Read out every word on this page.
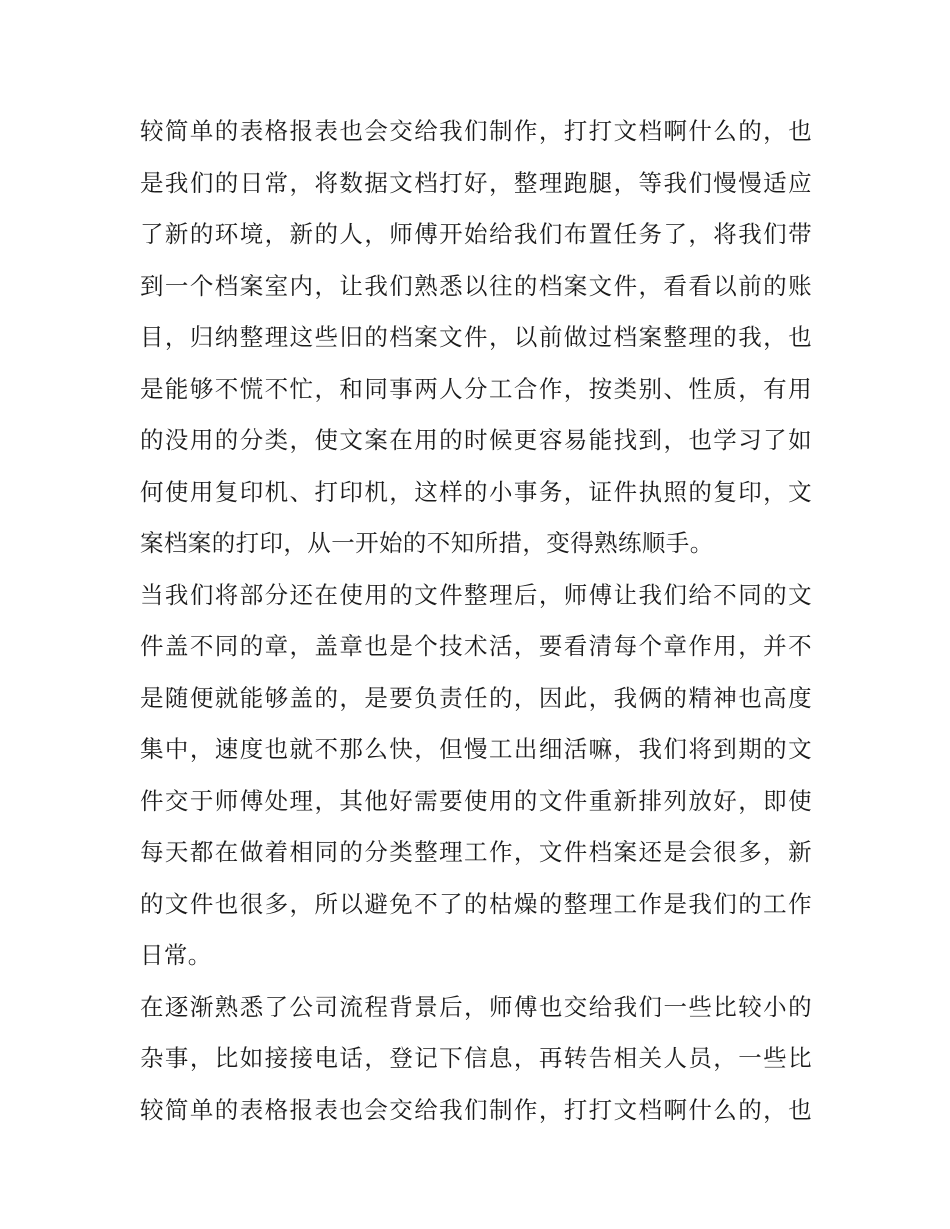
较简单的表格报表也会交给我们制作，打打文档啊什么的，也
是我们的日常，将数据文档打好，整理跑腿，等我们慢慢适应
了新的环境，新的人，师傅开始给我们布置任务了，将我们带
到一个档案室内，让我们熟悉以往的档案文件，看看以前的账
目，归纳整理这些旧的档案文件，以前做过档案整理的我，也
是能够不慌不忙，和同事两人分工合作，按类别、性质，有用
的没用的分类，使文案在用的时候更容易能找到，也学习了如
何使用复印机、打印机，这样的小事务，证件执照的复印，文
案档案的打印，从一开始的不知所措，变得熟练顺手。
当我们将部分还在使用的文件整理后，师傅让我们给不同的文
件盖不同的章，盖章也是个技术活，要看清每个章作用，并不
是随便就能够盖的，是要负责任的，因此，我俩的精神也高度
集中，速度也就不那么快，但慢工出细活嘛，我们将到期的文
件交于师傅处理，其他好需要使用的文件重新排列放好，即使
每天都在做着相同的分类整理工作，文件档案还是会很多，新
的文件也很多，所以避免不了的枯燥的整理工作是我们的工作
日常。
在逐渐熟悉了公司流程背景后，师傅也交给我们一些比较小的
杂事，比如接接电话，登记下信息，再转告相关人员，一些比
较简单的表格报表也会交给我们制作，打打文档啊什么的，也
